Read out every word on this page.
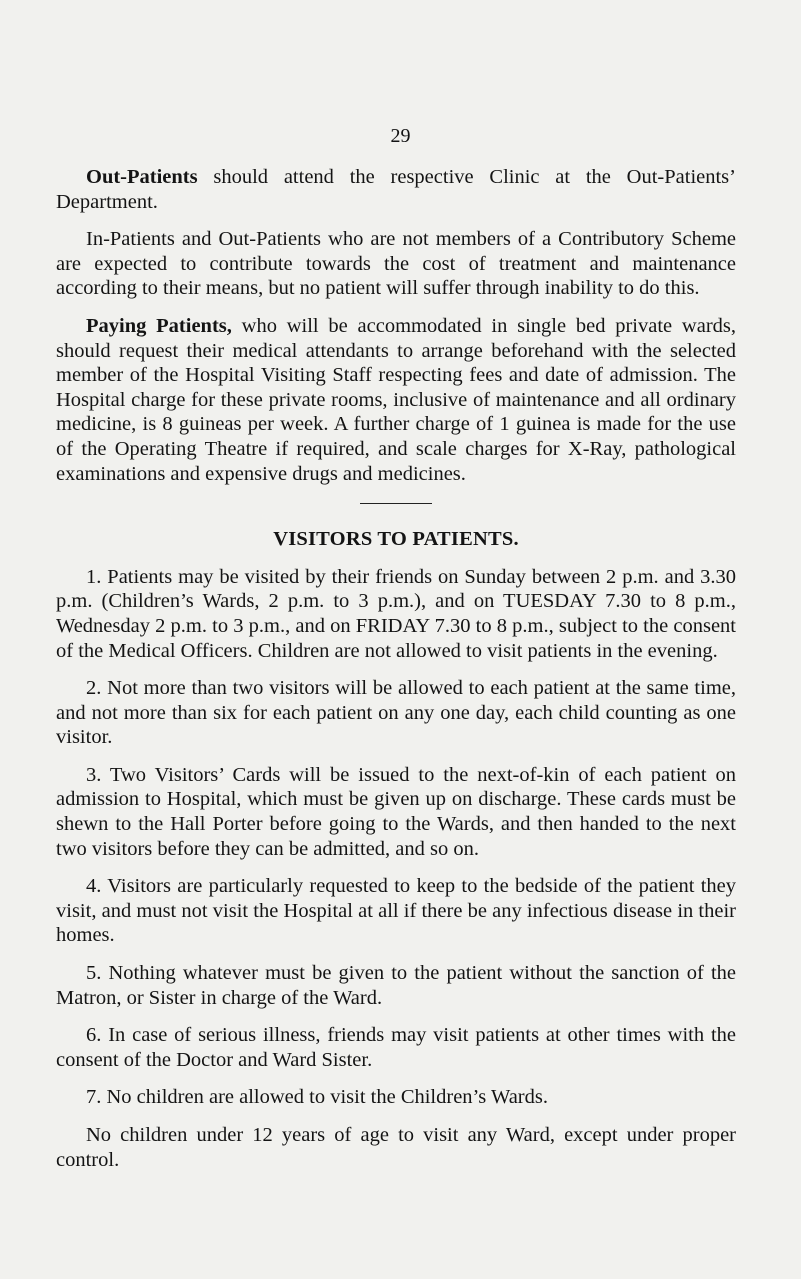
29

Out-Patients should attend the respective Clinic at the Out-Patients’ Department.

In-Patients and Out-Patients who are not members of a Contributory Scheme are expected to contribute towards the cost of treatment and maintenance according to their means, but no patient will suffer through inability to do this.

Paying Patients, who will be accommodated in single bed private wards, should request their medical attendants to arrange beforehand with the selected member of the Hospital Visiting Staff respecting fees and date of admission. The Hospital charge for these private rooms, inclusive of maintenance and all ordinary medicine, is 8 guineas per week. A further charge of 1 guinea is made for the use of the Operating Theatre if required, and scale charges for X-Ray, pathological examinations and expensive drugs and medicines.

VISITORS TO PATIENTS.

1. Patients may be visited by their friends on Sunday between 2 p.m. and 3.30 p.m. (Children’s Wards, 2 p.m. to 3 p.m.), and on TUESDAY 7.30 to 8 p.m., Wednesday 2 p.m. to 3 p.m., and on FRIDAY 7.30 to 8 p.m., subject to the consent of the Medical Officers. Children are not allowed to visit patients in the evening.

2. Not more than two visitors will be allowed to each patient at the same time, and not more than six for each patient on any one day, each child counting as one visitor.

3. Two Visitors’ Cards will be issued to the next-of-kin of each patient on admission to Hospital, which must be given up on discharge. These cards must be shewn to the Hall Porter before going to the Wards, and then handed to the next two visitors before they can be admitted, and so on.

4. Visitors are particularly requested to keep to the bedside of the patient they visit, and must not visit the Hospital at all if there be any infectious disease in their homes.

5. Nothing whatever must be given to the patient without the sanction of the Matron, or Sister in charge of the Ward.

6. In case of serious illness, friends may visit patients at other times with the consent of the Doctor and Ward Sister.

7. No children are allowed to visit the Children’s Wards.

No children under 12 years of age to visit any Ward, except under proper control.
